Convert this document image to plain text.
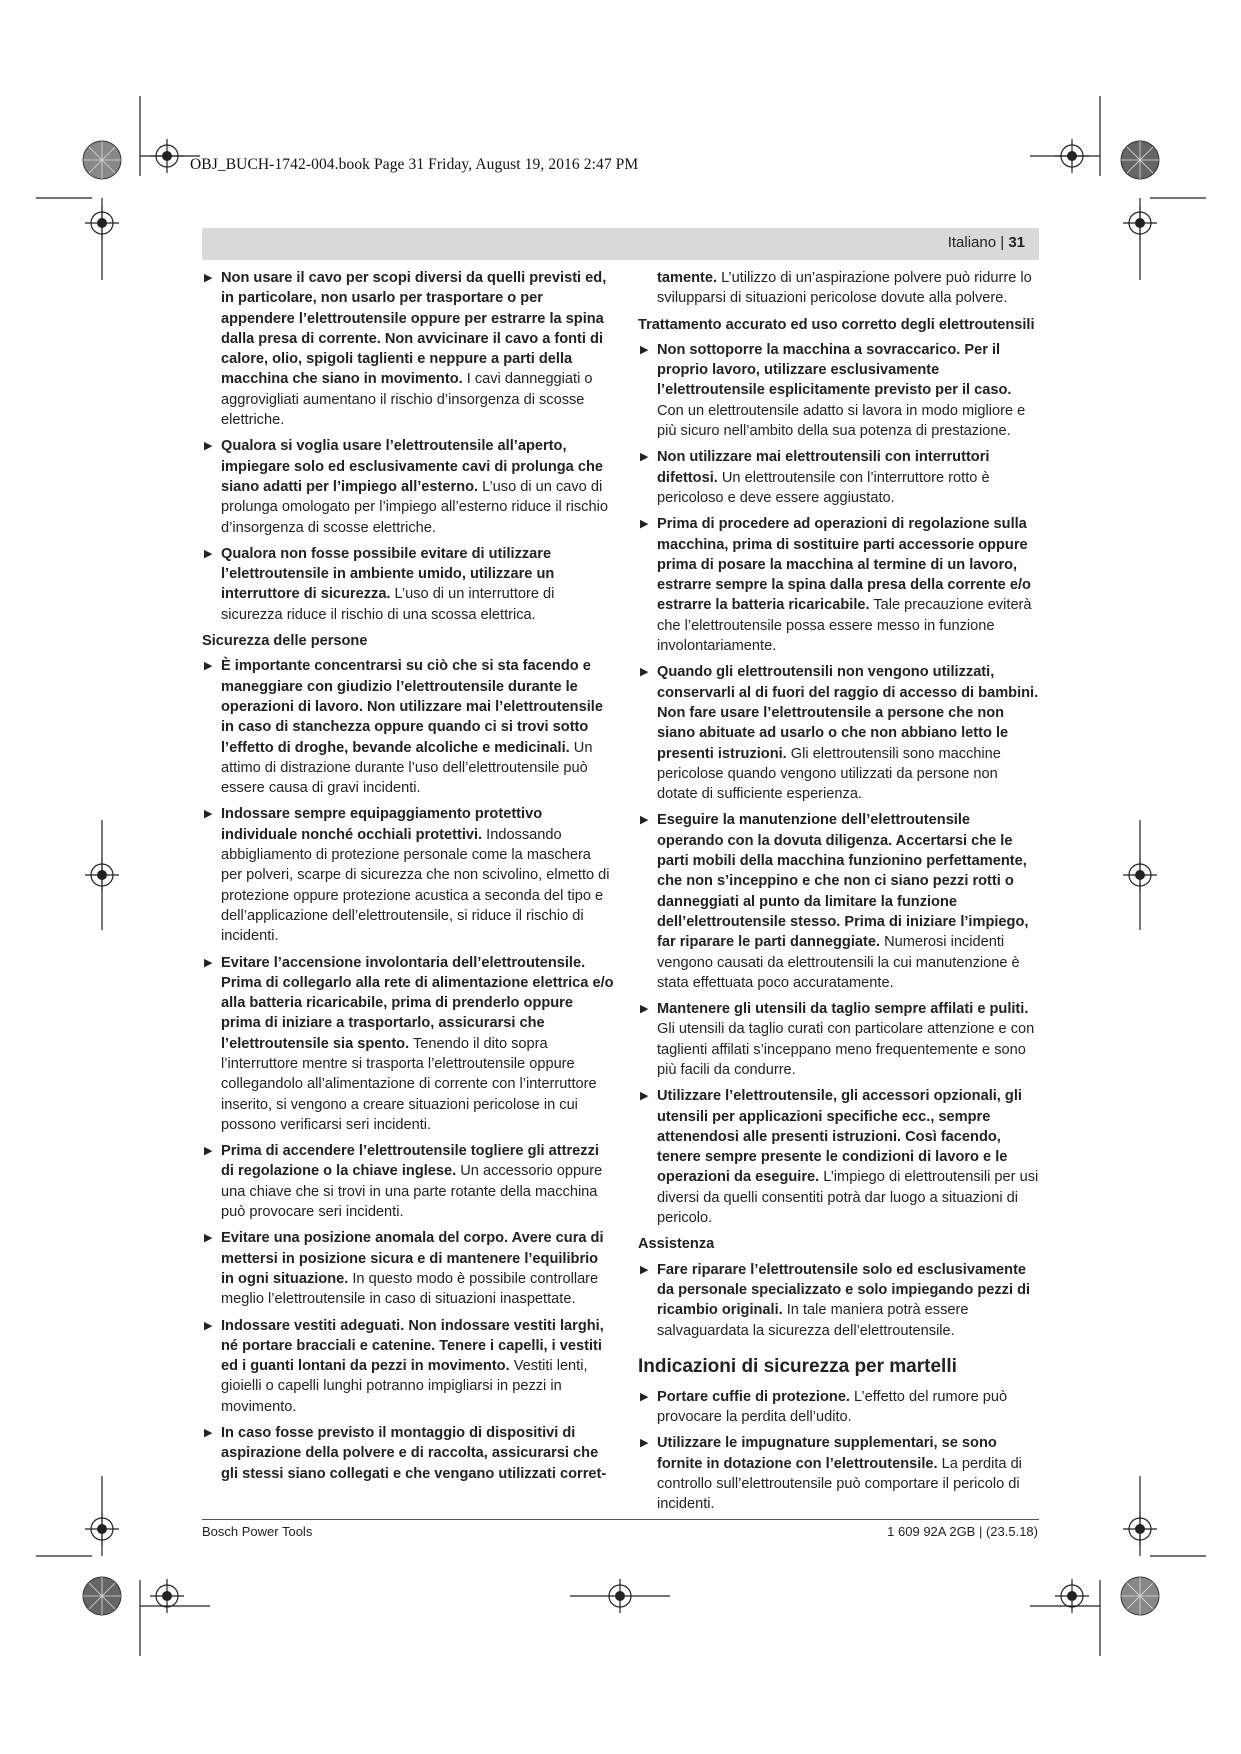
OBJ_BUCH-1742-004.book Page 31 Friday, August 19, 2016 2:47 PM
Italiano | 31
▶ Non usare il cavo per scopi diversi da quelli previsti ed, in particolare, non usarlo per trasportare o per appendere l’elettroutensile oppure per estrarre la spina dalla presa di corrente. Non avvicinare il cavo a fonti di calore, olio, spigoli taglienti e neppure a parti della macchina che siano in movimento. I cavi danneggiati o aggrovigliati aumentano il rischio d’insorgenza di scosse elettriche.
▶ Qualora si voglia usare l’elettroutensile all’aperto, impiegare solo ed esclusivamente cavi di prolunga che siano adatti per l’impiego all’esterno. L’uso di un cavo di prolunga omologato per l’impiego all’esterno riduce il rischio d’insorgenza di scosse elettriche.
▶ Qualora non fosse possibile evitare di utilizzare l’elettroutensile in ambiente umido, utilizzare un interruttore di sicurezza. L’uso di un interruttore di sicurezza riduce il rischio di una scossa elettrica.
Sicurezza delle persone
▶ È importante concentrarsi su ciò che si sta facendo e maneggiare con giudizio l’elettroutensile durante le operazioni di lavoro. Non utilizzare mai l’elettroutensile in caso di stanchezza oppure quando ci si trovi sotto l’effetto di droghe, bevande alcoliche e medicinali. Un attimo di distrazione durante l’uso dell’elettroutensile può essere causa di gravi incidenti.
▶ Indossare sempre equipaggiamento protettivo individuale nonché occhiali protettivi. Indossando abbigliamento di protezione personale come la maschera per polveri, scarpe di sicurezza che non scivolino, elmetto di protezione oppure protezione acustica a seconda del tipo e dell’applicazione dell’elettroutensile, si riduce il rischio di incidenti.
▶ Evitare l’accensione involontaria dell’elettroutensile. Prima di collegarlo alla rete di alimentazione elettrica e/o alla batteria ricaricabile, prima di prenderlo oppure prima di iniziare a trasportarlo, assicurarsi che l’elettroutensile sia spento. Tenendo il dito sopra l’interruttore mentre si trasporta l’elettroutensile oppure collegandolo all’alimentazione di corrente con l’interruttore inserito, si vengono a creare situazioni pericolose in cui possono verificarsi seri incidenti.
▶ Prima di accendere l’elettroutensile togliere gli attrezzi di regolazione o la chiave inglese. Un accessorio oppure una chiave che si trovi in una parte rotante della macchina può provocare seri incidenti.
▶ Evitare una posizione anomala del corpo. Avere cura di mettersi in posizione sicura e di mantenere l’equilibrio in ogni situazione. In questo modo è possibile controllare meglio l’elettroutensile in caso di situazioni inaspettate.
▶ Indossare vestiti adeguati. Non indossare vestiti larghi, né portare bracciali e catenine. Tenere i capelli, i vestiti ed i guanti lontani da pezzi in movimento. Vestiti lenti, gioielli o capelli lunghi potranno impigliarsi in pezzi in movimento.
▶ In caso fosse previsto il montaggio di dispositivi di aspirazione della polvere e di raccolta, assicurarsi che gli stessi siano collegati e che vengano utilizzati corret-
tamente. L’utilizzo di un’aspirazione polvere può ridurre lo svilupparsi di situazioni pericolose dovute alla polvere.
Trattamento accurato ed uso corretto degli elettroutensili
▶ Non sottoporre la macchina a sovraccarico. Per il proprio lavoro, utilizzare esclusivamente l’elettroutensile esplicitamente previsto per il caso. Con un elettroutensile adatto si lavora in modo migliore e più sicuro nell’ambito della sua potenza di prestazione.
▶ Non utilizzare mai elettroutensili con interruttori difettosi. Un elettroutensile con l’interruttore rotto è pericoloso e deve essere aggiustato.
▶ Prima di procedere ad operazioni di regolazione sulla macchina, prima di sostituire parti accessorie oppure prima di posare la macchina al termine di un lavoro, estrarre sempre la spina dalla presa della corrente e/o estrarre la batteria ricaricabile. Tale precauzione eviterà che l’elettroutensile possa essere messo in funzione involontariamente.
▶ Quando gli elettroutensili non vengono utilizzati, conservarli al di fuori del raggio di accesso di bambini. Non fare usare l’elettroutensile a persone che non siano abituate ad usarlo o che non abbiano letto le presenti istruzioni. Gli elettroutensili sono macchine pericolose quando vengono utilizzati da persone non dotate di sufficiente esperienza.
▶ Eseguire la manutenzione dell’elettroutensile operando con la dovuta diligenza. Accertarsi che le parti mobili della macchina funzionino perfettamente, che non s’inceppino e che non ci siano pezzi rotti o danneggiati al punto da limitare la funzione dell’elettroutensile stesso. Prima di iniziare l’impiego, far riparare le parti danneggiate. Numerosi incidenti vengono causati da elettroutensili la cui manutenzione è stata effettuata poco accuratamente.
▶ Mantenere gli utensili da taglio sempre affilati e puliti. Gli utensili da taglio curati con particolare attenzione e con taglienti affilati s’inceppano meno frequentemente e sono più facili da condurre.
▶ Utilizzare l’elettroutensile, gli accessori opzionali, gli utensili per applicazioni specifiche ecc., sempre attenendosi alle presenti istruzioni. Così facendo, tenere sempre presente le condizioni di lavoro e le operazioni da eseguire. L’impiego di elettroutensili per usi diversi da quelli consentiti potrà dar luogo a situazioni di pericolo.
Assistenza
▶ Fare riparare l’elettroutensile solo ed esclusivamente da personale specializzato e solo impiegando pezzi di ricambio originali. In tale maniera potrà essere salvaguardata la sicurezza dell’elettroutensile.
Indicazioni di sicurezza per martelli
▶ Portare cuffie di protezione. L’effetto del rumore può provocare la perdita dell’udito.
▶ Utilizzare le impugnature supplementari, se sono fornite in dotazione con l’elettroutensile. La perdita di controllo sull’elettroutensile può comportare il pericolo di incidenti.
Bosch Power Tools	1 609 92A 2GB | (23.5.18)
